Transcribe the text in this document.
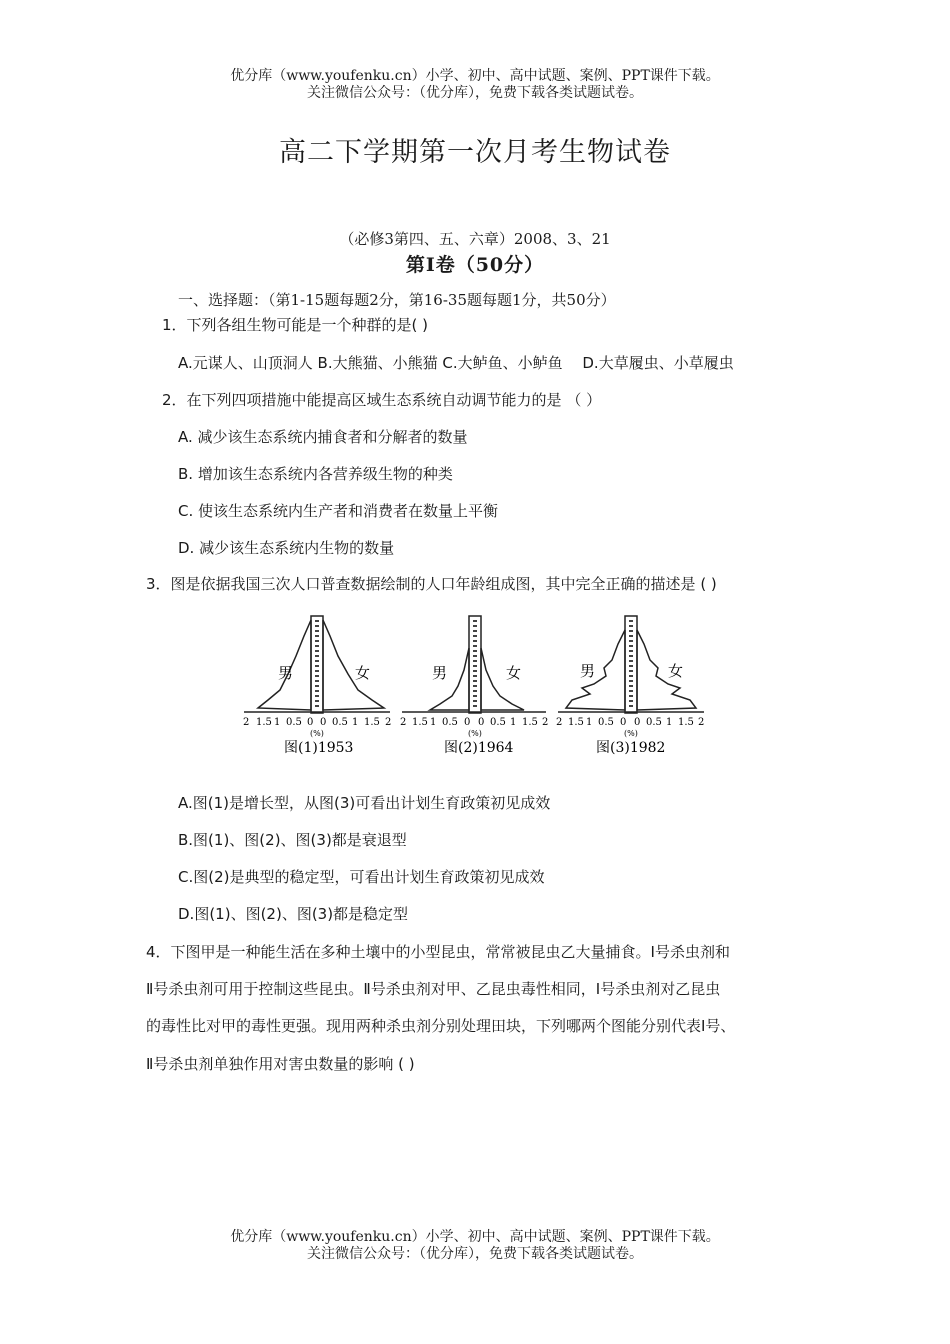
优分库（www.youfenku.cn）小学、初中、高中试题、案例、PPT课件下载。
关注微信公众号：（优分库），免费下载各类试题试卷。
高二下学期第一次月考生物试卷
（必修3第四、五、六章）2008、3、21
第Ⅰ卷（50分）
一、选择题：（第1-15题每题2分，第16-35题每题1分，共50分）
1．下列各组生物可能是一个种群的是( )
A.元谋人、山顶洞人 B.大熊猫、小熊猫 C.大鲈鱼、小鲈鱼　 D.大草履虫、小草履虫
2．在下列四项措施中能提高区域生态系统自动调节能力的是 （ ）
A. 减少该生态系统内捕食者和分解者的数量
B. 增加该生态系统内各营养级生物的种类
C. 使该生态系统内生产者和消费者在数量上平衡
D. 减少该生态系统内生物的数量
3．图是依据我国三次人口普查数据绘制的人口年龄组成图，其中完全正确的描述是 ( )
男	女
2 1.5 1 0.5 0 0 0.5 1 1.5 2
(%)
图(1)1953
男	女
2 1.5 1 0.5 0 0 0.5 1 1.5 2
(%)
图(2)1964
男	女
2 1.5 1 0.5 0 0 0.5 1 1.5 2
(%)
图(3)1982
A.图(1)是增长型，从图(3)可看出计划生育政策初见成效
B.图(1)、图(2)、图(3)都是衰退型
C.图(2)是典型的稳定型，可看出计划生育政策初见成效
D.图(1)、图(2)、图(3)都是稳定型
4．下图甲是一种能生活在多种土壤中的小型昆虫，常常被昆虫乙大量捕食。Ⅰ号杀虫剂和
Ⅱ号杀虫剂可用于控制这些昆虫。Ⅱ号杀虫剂对甲、乙昆虫毒性相同，Ⅰ号杀虫剂对乙昆虫
的毒性比对甲的毒性更强。现用两种杀虫剂分别处理田块，下列哪两个图能分别代表Ⅰ号、
Ⅱ号杀虫剂单独作用对害虫数量的影响 ( )
优分库（www.youfenku.cn）小学、初中、高中试题、案例、PPT课件下载。
关注微信公众号：（优分库），免费下载各类试题试卷。
